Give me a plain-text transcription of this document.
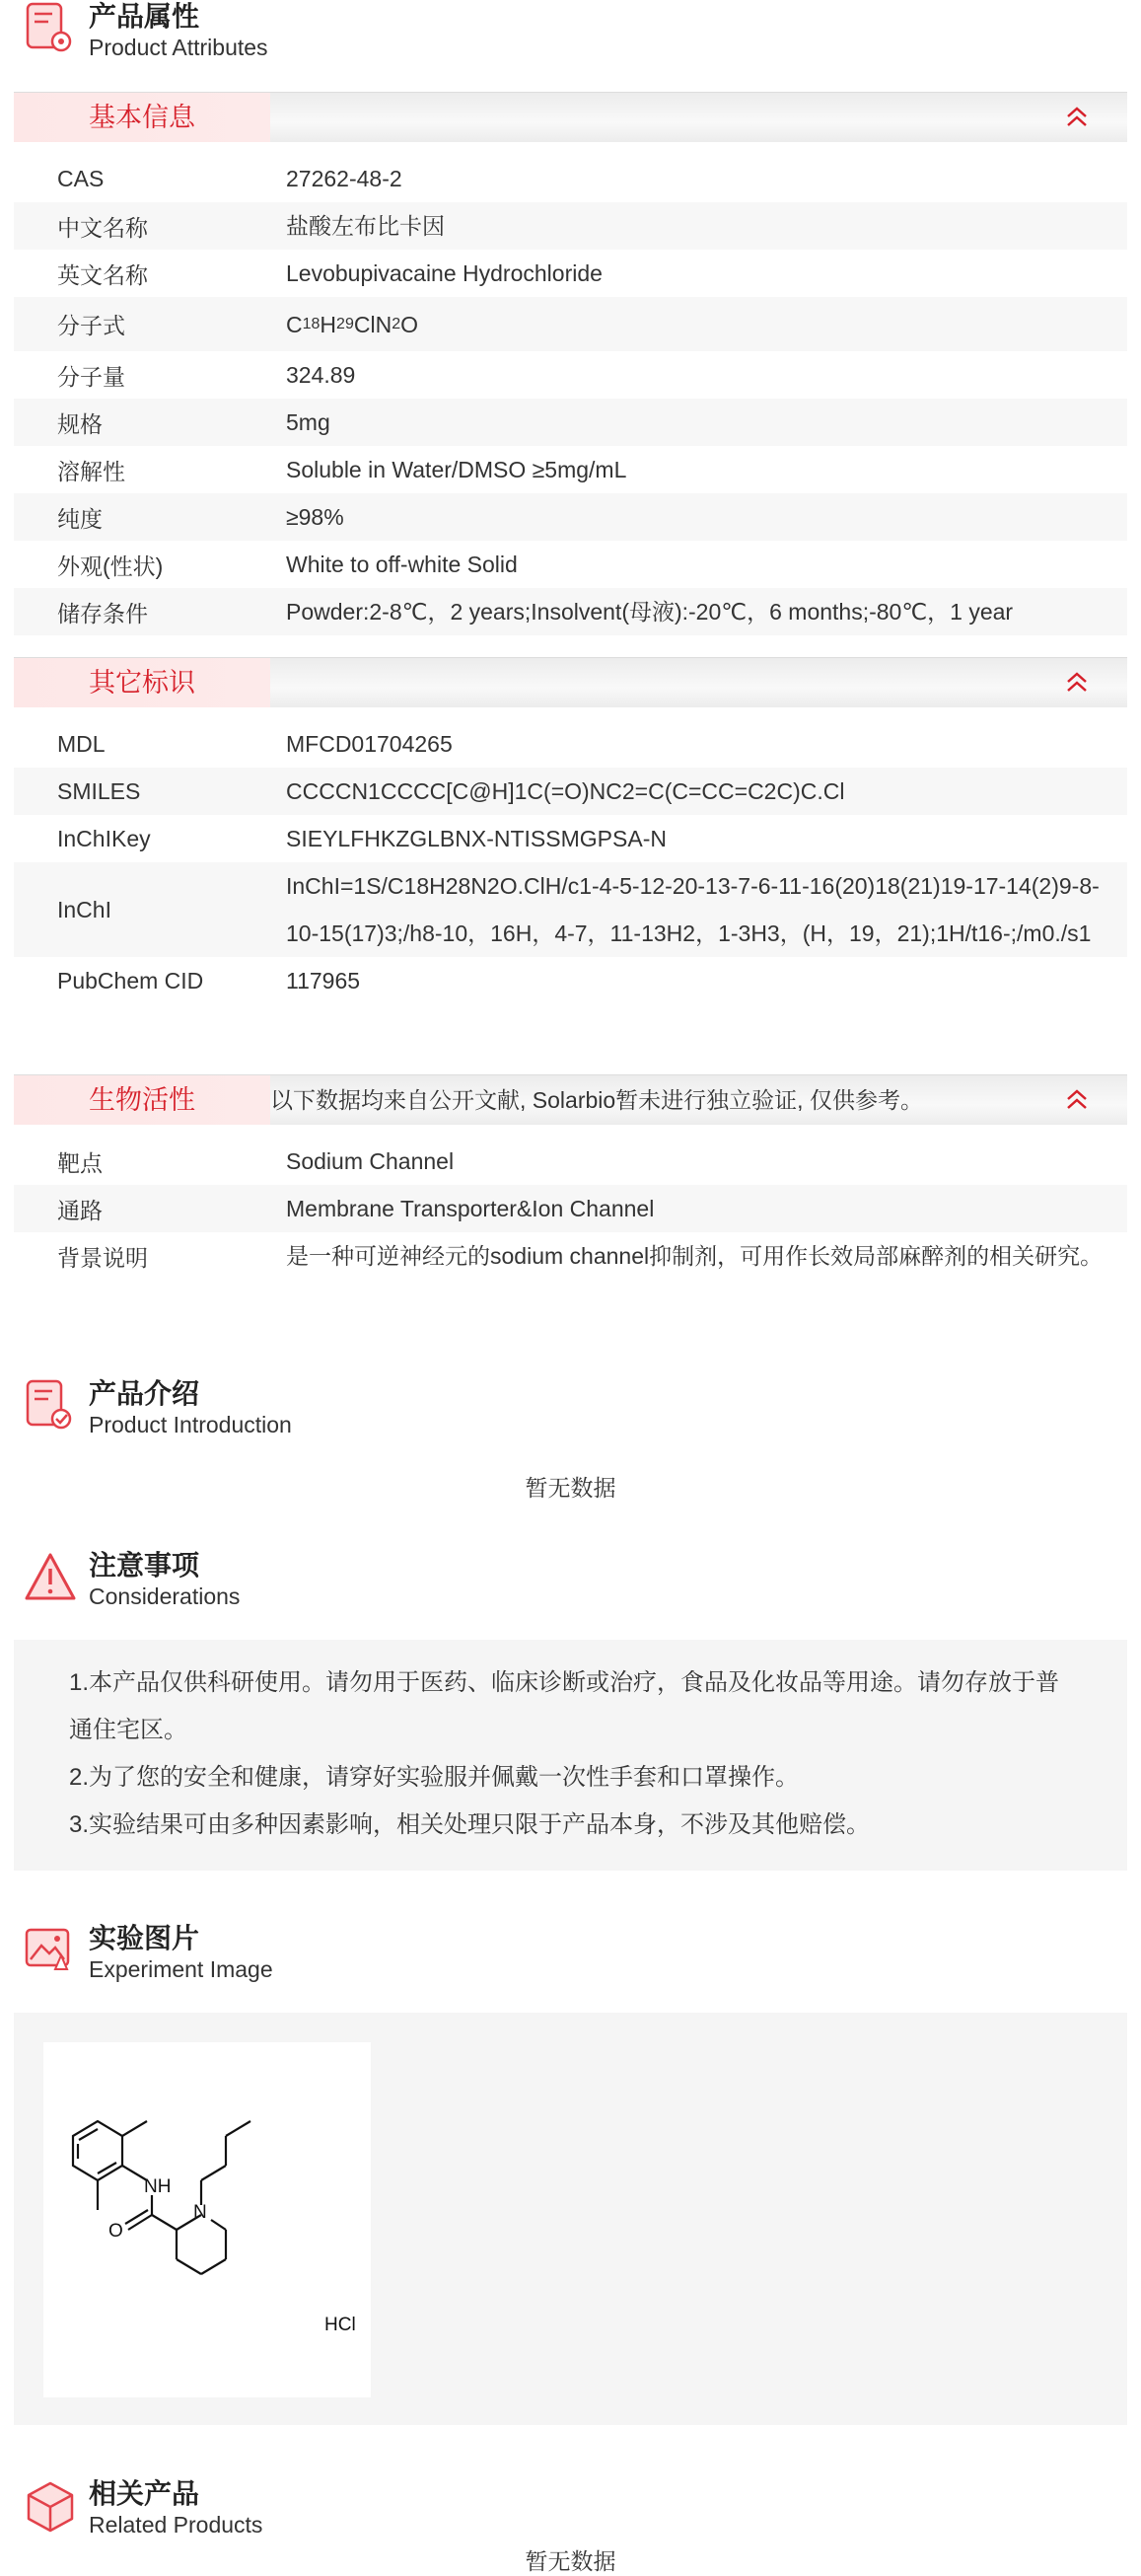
产品属性
Product Attributes
基本信息
CAS	27262-48-2
中文名称	盐酸左布比卡因
英文名称	Levobupivacaine Hydrochloride
分子式	C 18 H 29 ClN 2 O
分子量	324.89
规格	5mg
溶解性	Soluble in Water/DMSO ≥5mg/mL
纯度	≥98%
外观(性状)	White to off-white Solid
储存条件	Powder:2-8℃，2 years;Insolvent(母液):-20℃，6 months;-80℃，1 year
其它标识
MDL	MFCD01704265
SMILES	CCCCN1CCCC[C@H]1C(=O)NC2=C(C=CC=C2C)C.Cl
InChIKey	SIEYLFHKZGLBNX-NTISSMGPSA-N
InChI
InChI=1S/C18H28N2O.ClH/c1-4-5-12-20-13-7-6-11-16(20)18(21)19-17-14(2)9-8-10-15(17)3;/h8-10，16H，4-7，11-13H2，1-3H3，(H，19，21);1H/t16-;/m0./s1
PubChem CID	117965
生物活性	以下数据均来自公开文献, Solarbio暂未进行独立验证, 仅供参考。
靶点	Sodium Channel
通路	Membrane Transporter&Ion Channel
背景说明	是一种可逆神经元的sodium channel抑制剂，可用作长效局部麻醉剂的相关研究。
产品介绍
Product Introduction
暂无数据
注意事项
Considerations

1.本产品仅供科研使用。请勿用于医药、临床诊断或治疗，食品及化妆品等用途。请勿存放于普通住宅区。

2.为了您的安全和健康，请穿好实验服并佩戴一次性手套和口罩操作。

3.实验结果可由多种因素影响，相关处理只限于产品本身，不涉及其他赔偿。

实验图片
Experiment Image
NH
N
O
HCl
相关产品
Related Products
暂无数据
